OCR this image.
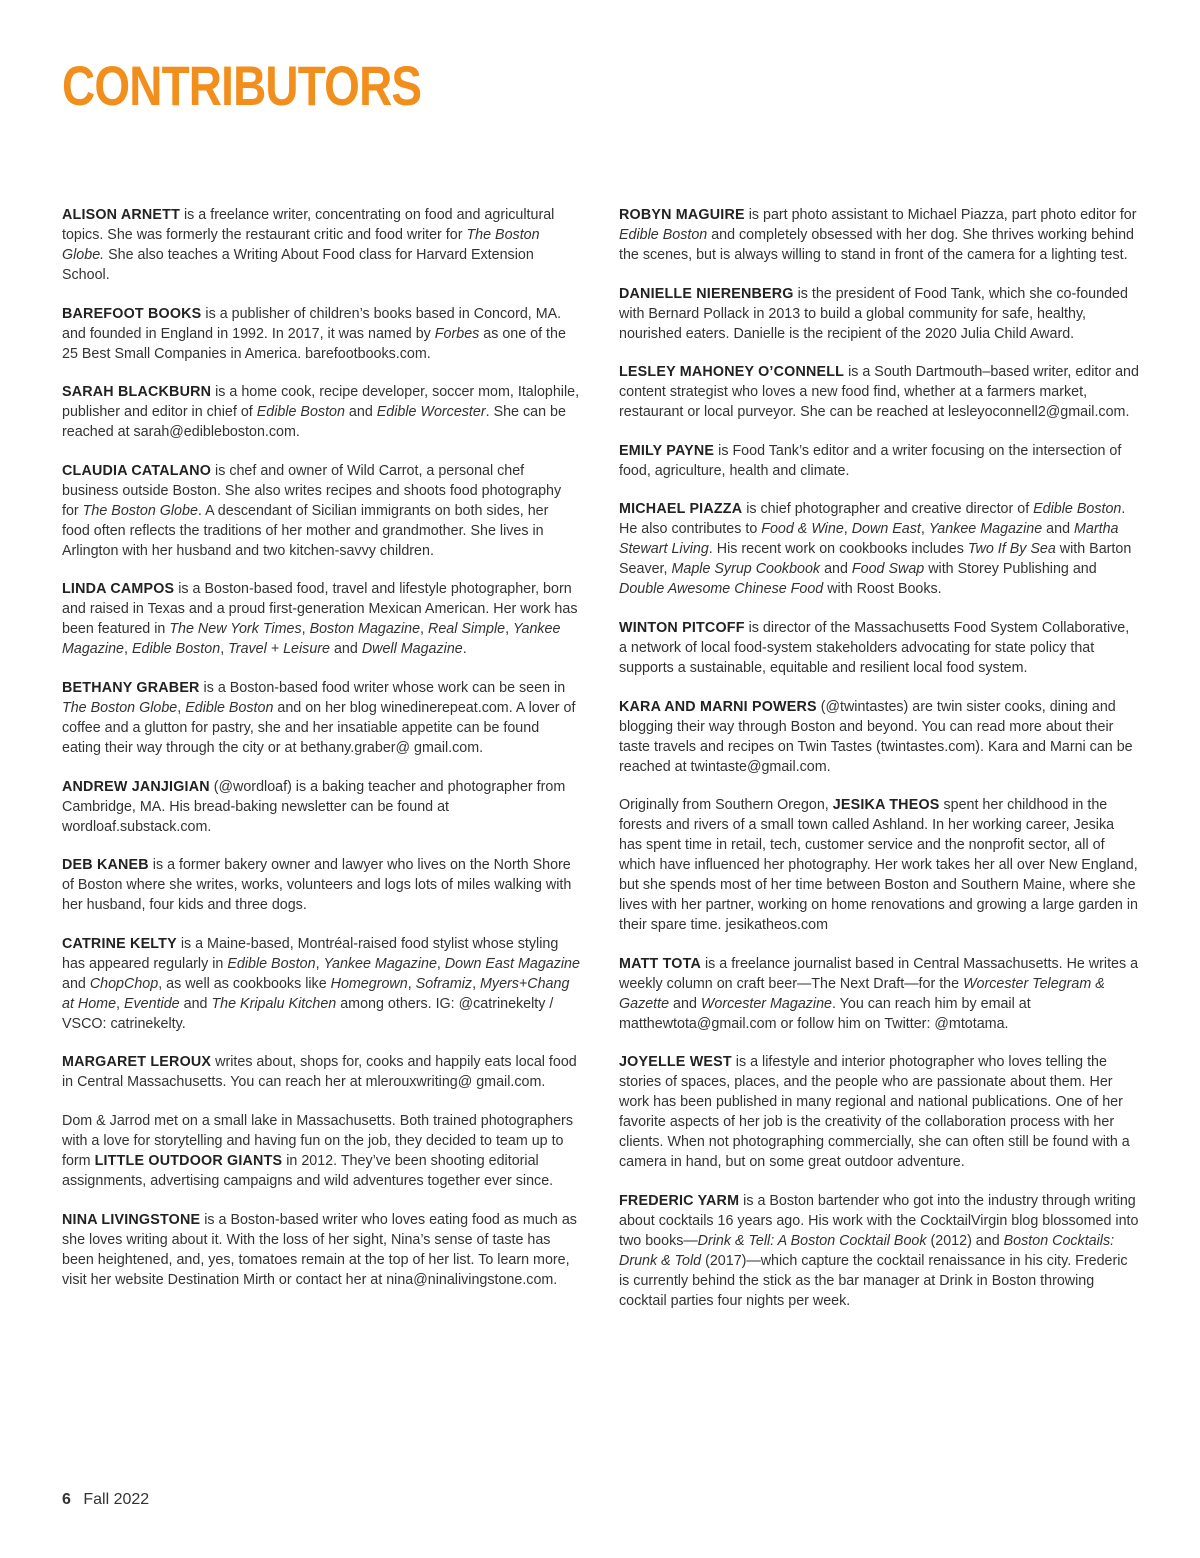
CONTRIBUTORS

ALISON ARNETT is a freelance writer, concentrating on food and agricultural topics. She was formerly the restaurant critic and food writer for The Boston Globe. She also teaches a Writing About Food class for Harvard Extension School.

BAREFOOT BOOKS is a publisher of children’s books based in Concord, MA. and founded in England in 1992. In 2017, it was named by Forbes as one of the 25 Best Small Companies in America. barefootbooks.com.

SARAH BLACKBURN is a home cook, recipe developer, soccer mom, Italophile, publisher and editor in chief of Edible Boston and Edible Worcester. She can be reached at sarah@edibleboston.com.

CLAUDIA CATALANO is chef and owner of Wild Carrot, a personal chef business outside Boston. She also writes recipes and shoots food photography for The Boston Globe. A descendant of Sicilian immigrants on both sides, her food often reflects the traditions of her mother and grandmother. She lives in Arlington with her husband and two kitchen-savvy children.

LINDA CAMPOS is a Boston-based food, travel and lifestyle photographer, born and raised in Texas and a proud first-generation Mexican American. Her work has been featured in The New York Times, Boston Magazine, Real Simple, Yankee Magazine, Edible Boston, Travel + Leisure and Dwell Magazine.

BETHANY GRABER is a Boston-based food writer whose work can be seen in The Boston Globe, Edible Boston and on her blog winedinerepeat.com. A lover of coffee and a glutton for pastry, she and her insatiable appetite can be found eating their way through the city or at bethany.graber@ gmail.com.

ANDREW JANJIGIAN (@wordloaf) is a baking teacher and photographer from Cambridge, MA. His bread-baking newsletter can be found at wordloaf.substack.com.

DEB KANEB is a former bakery owner and lawyer who lives on the North Shore of Boston where she writes, works, volunteers and logs lots of miles walking with her husband, four kids and three dogs.

CATRINE KELTY is a Maine-based, Montréal-raised food stylist whose styling has appeared regularly in Edible Boston, Yankee Magazine, Down East Magazine and ChopChop, as well as cookbooks like Homegrown, Soframiz, Myers+Chang at Home, Eventide and The Kripalu Kitchen among others. IG: @catrinekelty / VSCO: catrinekelty.

MARGARET LEROUX writes about, shops for, cooks and happily eats local food in Central Massachusetts. You can reach her at mlerouxwriting@ gmail.com.

Dom & Jarrod met on a small lake in Massachusetts. Both trained photographers with a love for storytelling and having fun on the job, they decided to team up to form LITTLE OUTDOOR GIANTS in 2012. They’ve been shooting editorial assignments, advertising campaigns and wild adventures together ever since.

NINA LIVINGSTONE is a Boston-based writer who loves eating food as much as she loves writing about it. With the loss of her sight, Nina’s sense of taste has been heightened, and, yes, tomatoes remain at the top of her list. To learn more, visit her website Destination Mirth or contact her at nina@ninalivingstone.com.

ROBYN MAGUIRE is part photo assistant to Michael Piazza, part photo editor for Edible Boston and completely obsessed with her dog. She thrives working behind the scenes, but is always willing to stand in front of the camera for a lighting test.

DANIELLE NIERENBERG is the president of Food Tank, which she co-founded with Bernard Pollack in 2013 to build a global community for safe, healthy, nourished eaters. Danielle is the recipient of the 2020 Julia Child Award.

LESLEY MAHONEY O’CONNELL is a South Dartmouth–based writer, editor and content strategist who loves a new food find, whether at a farmers market, restaurant or local purveyor. She can be reached at lesleyoconnell2@gmail.com.

EMILY PAYNE is Food Tank’s editor and a writer focusing on the intersection of food, agriculture, health and climate.

MICHAEL PIAZZA is chief photographer and creative director of Edible Boston. He also contributes to Food & Wine, Down East, Yankee Magazine and Martha Stewart Living. His recent work on cookbooks includes Two If By Sea with Barton Seaver, Maple Syrup Cookbook and Food Swap with Storey Publishing and Double Awesome Chinese Food with Roost Books.

WINTON PITCOFF is director of the Massachusetts Food System Collaborative, a network of local food-system stakeholders advocating for state policy that supports a sustainable, equitable and resilient local food system.

KARA AND MARNI POWERS (@twintastes) are twin sister cooks, dining and blogging their way through Boston and beyond. You can read more about their taste travels and recipes on Twin Tastes (twintastes.com). Kara and Marni can be reached at twintaste@gmail.com.

Originally from Southern Oregon, JESIKA THEOS spent her childhood in the forests and rivers of a small town called Ashland. In her working career, Jesika has spent time in retail, tech, customer service and the nonprofit sector, all of which have influenced her photography. Her work takes her all over New England, but she spends most of her time between Boston and Southern Maine, where she lives with her partner, working on home renovations and growing a large garden in their spare time. jesikatheos.com

MATT TOTA is a freelance journalist based in Central Massachusetts. He writes a weekly column on craft beer—The Next Draft—for the Worcester Telegram & Gazette and Worcester Magazine. You can reach him by email at matthewtota@gmail.com or follow him on Twitter: @mtotama.

JOYELLE WEST is a lifestyle and interior photographer who loves telling the stories of spaces, places, and the people who are passionate about them. Her work has been published in many regional and national publications. One of her favorite aspects of her job is the creativity of the collaboration process with her clients. When not photographing commercially, she can often still be found with a camera in hand, but on some great outdoor adventure.

FREDERIC YARM is a Boston bartender who got into the industry through writing about cocktails 16 years ago. His work with the CocktailVirgin blog blossomed into two books—Drink & Tell: A Boston Cocktail Book (2012) and Boston Cocktails: Drunk & Told (2017)—which capture the cocktail renaissance in his city. Frederic is currently behind the stick as the bar manager at Drink in Boston throwing cocktail parties four nights per week.

6 Fall 2022
